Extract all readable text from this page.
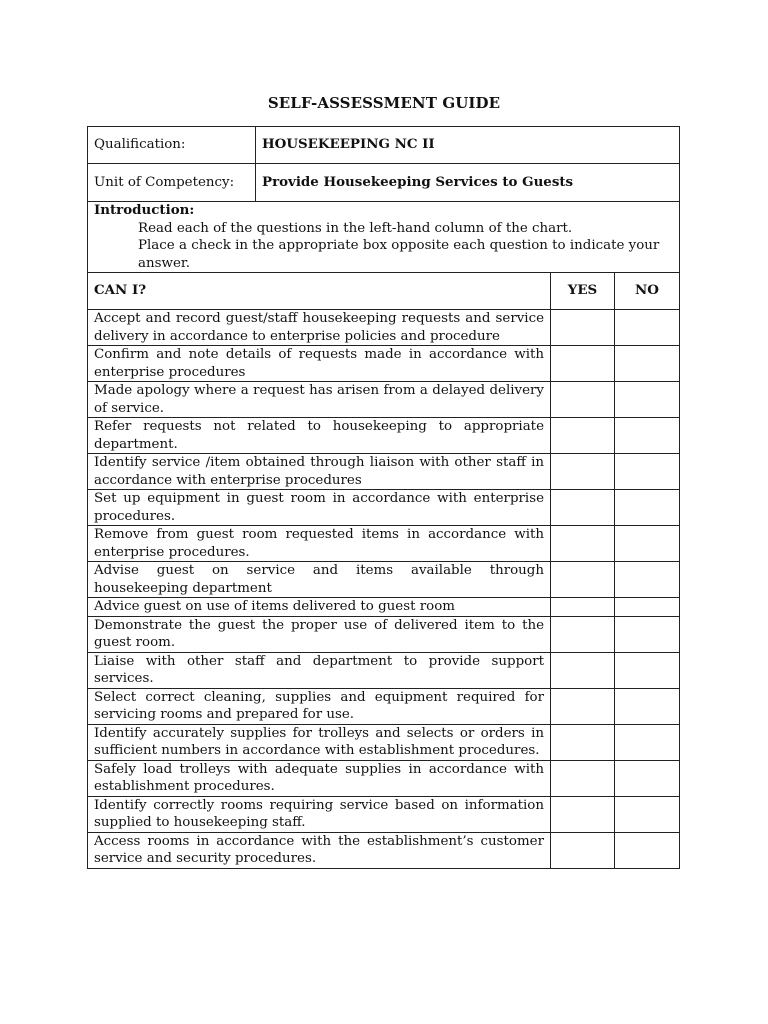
SELF-ASSESSMENT GUIDE
Qualification:	HOUSEKEEPING NC II		
Unit of Competency:	Provide Housekeeping Services to Guests		

Introduction:
Read each of the questions in the left-hand column of the chart.
Place a check in the appropriate box opposite each question to indicate your answer.			

CAN I?		YES	NO
Accept and record guest/staff housekeeping requests and service delivery in accordance to enterprise policies and procedure			
Confirm and note details of requests made in accordance with enterprise procedures			
Made apology where a request has arisen from a delayed delivery of service.			
Refer requests not related to housekeeping to appropriate department.			
Identify service /item obtained through liaison with other staff in accordance with enterprise procedures			
Set up equipment in guest room in accordance with enterprise procedures.			
Remove from guest room requested items in accordance with enterprise procedures.			
Advise guest on service and items available through housekeeping department			
Advice guest on use of items delivered to guest room			
Demonstrate the guest the proper use of delivered item to the guest room.			
Liaise with other staff and department to provide support services.			
Select correct cleaning, supplies and equipment required for servicing rooms and prepared for use.			
Identify accurately supplies for trolleys and selects or orders in sufficient numbers in accordance with establishment procedures.			
Safely load trolleys with adequate supplies in accordance with establishment procedures.			
Identify correctly rooms requiring service based on information supplied to housekeeping staff.			
Access rooms in accordance with the establishment’s customer service and security procedures.			
